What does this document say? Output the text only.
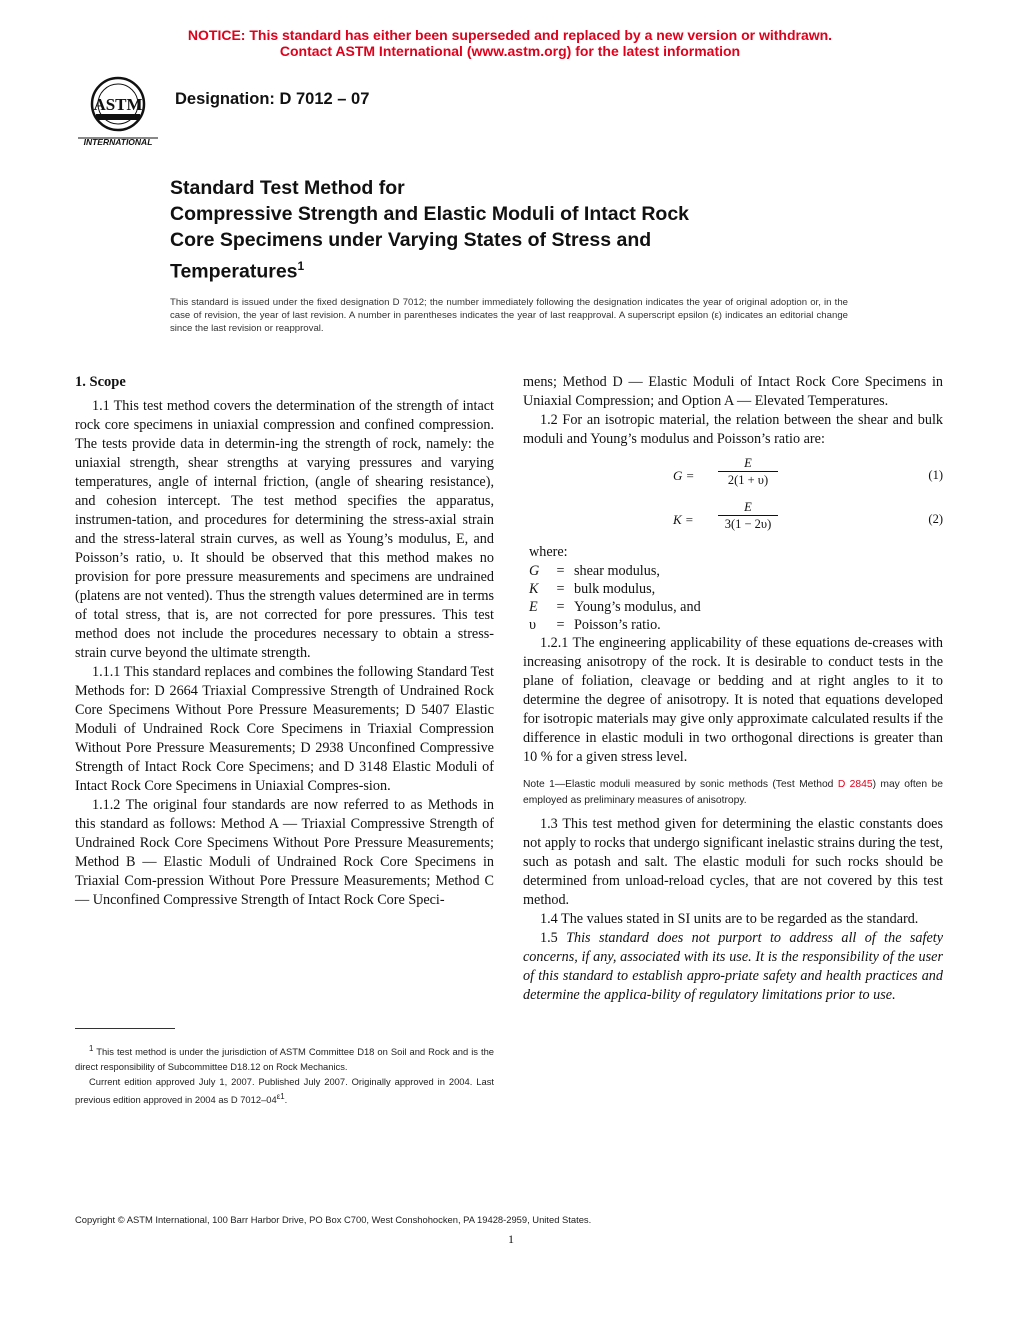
NOTICE: This standard has either been superseded and replaced by a new version or withdrawn.
Contact ASTM International (www.astm.org) for the latest information
ASTM
INTERNATIONAL
Designation: D 7012 – 07
Standard Test Method for
Compressive Strength and Elastic Moduli of Intact Rock
Core Specimens under Varying States of Stress and
Temperatures$^1$
This standard is issued under the fixed designation D 7012; the number immediately following the designation indicates the year of original adoption or, in the case of revision, the year of last revision. A number in parentheses indicates the year of last reapproval. A superscript epsilon (ε) indicates an editorial change since the last revision or reapproval.
1. Scope

1.1 This test method covers the determination of the strength of intact rock core specimens in uniaxial compression and confined compression. The tests provide data in determin-ing the strength of rock, namely: the uniaxial strength, shear strengths at varying pressures and varying temperatures, angle of internal friction, (angle of shearing resistance), and cohesion intercept. The test method specifies the apparatus, instrumen-tation, and procedures for determining the stress-axial strain and the stress-lateral strain curves, as well as Young’s modulus, E, and Poisson’s ratio, υ. It should be observed that this method makes no provision for pore pressure measurements and specimens are undrained (platens are not vented). Thus the strength values determined are in terms of total stress, that is, are not corrected for pore pressures. This test method does not include the procedures necessary to obtain a stress-strain curve beyond the ultimate strength.

1.1.1 This standard replaces and combines the following Standard Test Methods for: D 2664 Triaxial Compressive Strength of Undrained Rock Core Specimens Without Pore Pressure Measurements; D 5407 Elastic Moduli of Undrained Rock Core Specimens in Triaxial Compression Without Pore Pressure Measurements; D 2938 Unconfined Compressive Strength of Intact Rock Core Specimens; and D 3148 Elastic Moduli of Intact Rock Core Specimens in Uniaxial Compres-sion.

1.1.2 The original four standards are now referred to as Methods in this standard as follows: Method A — Triaxial Compressive Strength of Undrained Rock Core Specimens Without Pore Pressure Measurements; Method B — Elastic Moduli of Undrained Rock Core Specimens in Triaxial Com-pression Without Pore Pressure Measurements; Method C — Unconfined Compressive Strength of Intact Rock Core Speci-

mens; Method D — Elastic Moduli of Intact Rock Core Specimens in Uniaxial Compression; and Option A — Elevated Temperatures.

1.2 For an isotropic material, the relation between the shear and bulk moduli and Young’s modulus and Poisson’s ratio are:

$G = \frac{E}{2(1 + \upsilon)}$	(1)
$K = \frac{E}{3(1 - 2\upsilon)}$	(2)

where:

G	= shear modulus,
K	= bulk modulus,
E	= Young’s modulus, and
υ	= Poisson’s ratio.

1.2.1 The engineering applicability of these equations de-creases with increasing anisotropy of the rock. It is desirable to conduct tests in the plane of foliation, cleavage or bedding and at right angles to it to determine the degree of anisotropy. It is noted that equations developed for isotropic materials may give only approximate calculated results if the difference in elastic moduli in two orthogonal directions is greater than 10 % for a given stress level.

Note 1—Elastic moduli measured by sonic methods (Test Method D 2845) may often be employed as preliminary measures of anisotropy.

1.3 This test method given for determining the elastic constants does not apply to rocks that undergo significant inelastic strains during the test, such as potash and salt. The elastic moduli for such rocks should be determined from unload-reload cycles, that are not covered by this test method.

1.4 The values stated in SI units are to be regarded as the standard.

1.5 This standard does not purport to address all of the safety concerns, if any, associated with its use. It is the responsibility of the user of this standard to establish appro-priate safety and health practices and determine the applica-bility of regulatory limitations prior to use.

$^1$ This test method is under the jurisdiction of ASTM Committee D18 on Soil and Rock and is the direct responsibility of Subcommittee D18.12 on Rock Mechanics.

Current edition approved July 1, 2007. Published July 2007. Originally approved in 2004. Last previous edition approved in 2004 as D $7012-04^{\varepsilon 1}$.

Copyright © ASTM International, 100 Barr Harbor Drive, PO Box C700, West Conshohocken, PA 19428-2959, United States.
1
